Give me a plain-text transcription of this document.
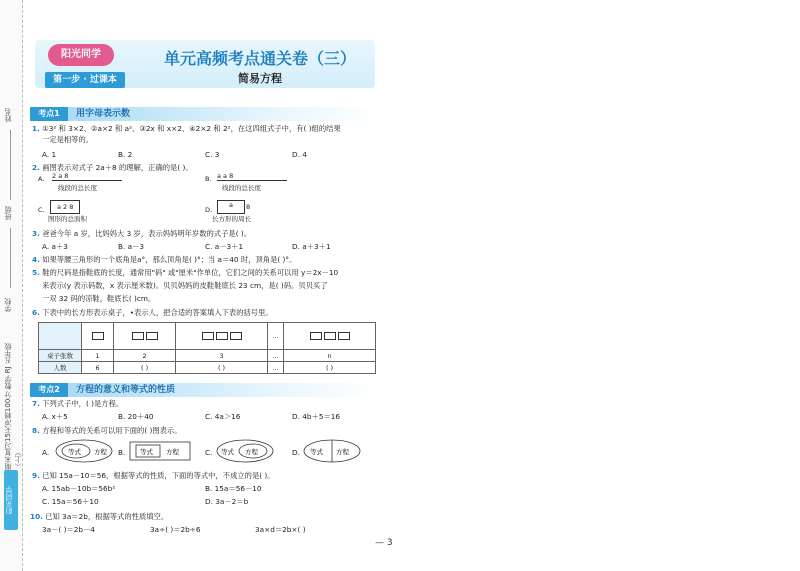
姓名
班级
学校
期末复习15天冲刺100分 数学 RJ 五年级（上）
阳光同学
阳光同学
第一步 · 过课本
单元高频考点通关卷（三）
简易方程
考点1	用字母表示数
1. ①3² 和 3×2、②a×2 和 a²、③2x 和 x×2、④2×2 和 2²，在这四组式子中，有( )组的结果
一定是相等的。
A. 1	B. 2	C. 3	D. 4
2. 画图表示对式子 2a＋8 的理解，正确的是( )。
A. 2 a 8
线段的总长度
B. a a 8
线段的总长度
C.	a 2 8
图形的总面积
D.
a	8
长方形的周长
3. 爸爸今年 a 岁，比妈妈大 3 岁，表示妈妈明年岁数的式子是( )。
A. a＋3	B. a－3	C. a－3＋1	D. a＋3＋1
4. 如果等腰三角形的一个底角是a°，那么顶角是( )°；当 a＝40 时，顶角是( )°。
5. 鞋的尺码是指鞋底的长度，通常用"码" 或"厘米"作单位，它们之间的关系可以用 y＝2x－10
来表示(y 表示码数，x 表示厘米数)。贝贝妈妈的皮鞋鞋底长 23 cm，是( )码。贝贝买了
一双 32 码的凉鞋，鞋底长( )cm。
6. 下表中的长方形表示桌子，•表示人，把合适的答案填入下表的括号里。
				…	
桌子张数	1	2	3	…	n
人数	6	( )	( )	…	( )
考点2	方程的意义和等式的性质
7. 下列式子中，( )是方程。
A. x＋5	B. 20＋40	C. 4a＞16	D. 4b＋5＝16
8. 方程和等式的关系可以用下面的( )图表示。
A.	等式 方程 B. 等式 方程	C. 等式 方程	D. 等式 方程
9. 已知 15a－10＝56，根据等式的性质，下面的等式中，不成立的是( )。
A. 15ab－10b＝56b²	B. 15a＝56－10
C. 15a＝56＋10	D. 3a－2＝b
10. 已知 3a＝2b，根据等式的性质填空。
3a－( )＝2b－4	3a÷( )＝2b÷6	3a×d＝2b×( )
— 3
